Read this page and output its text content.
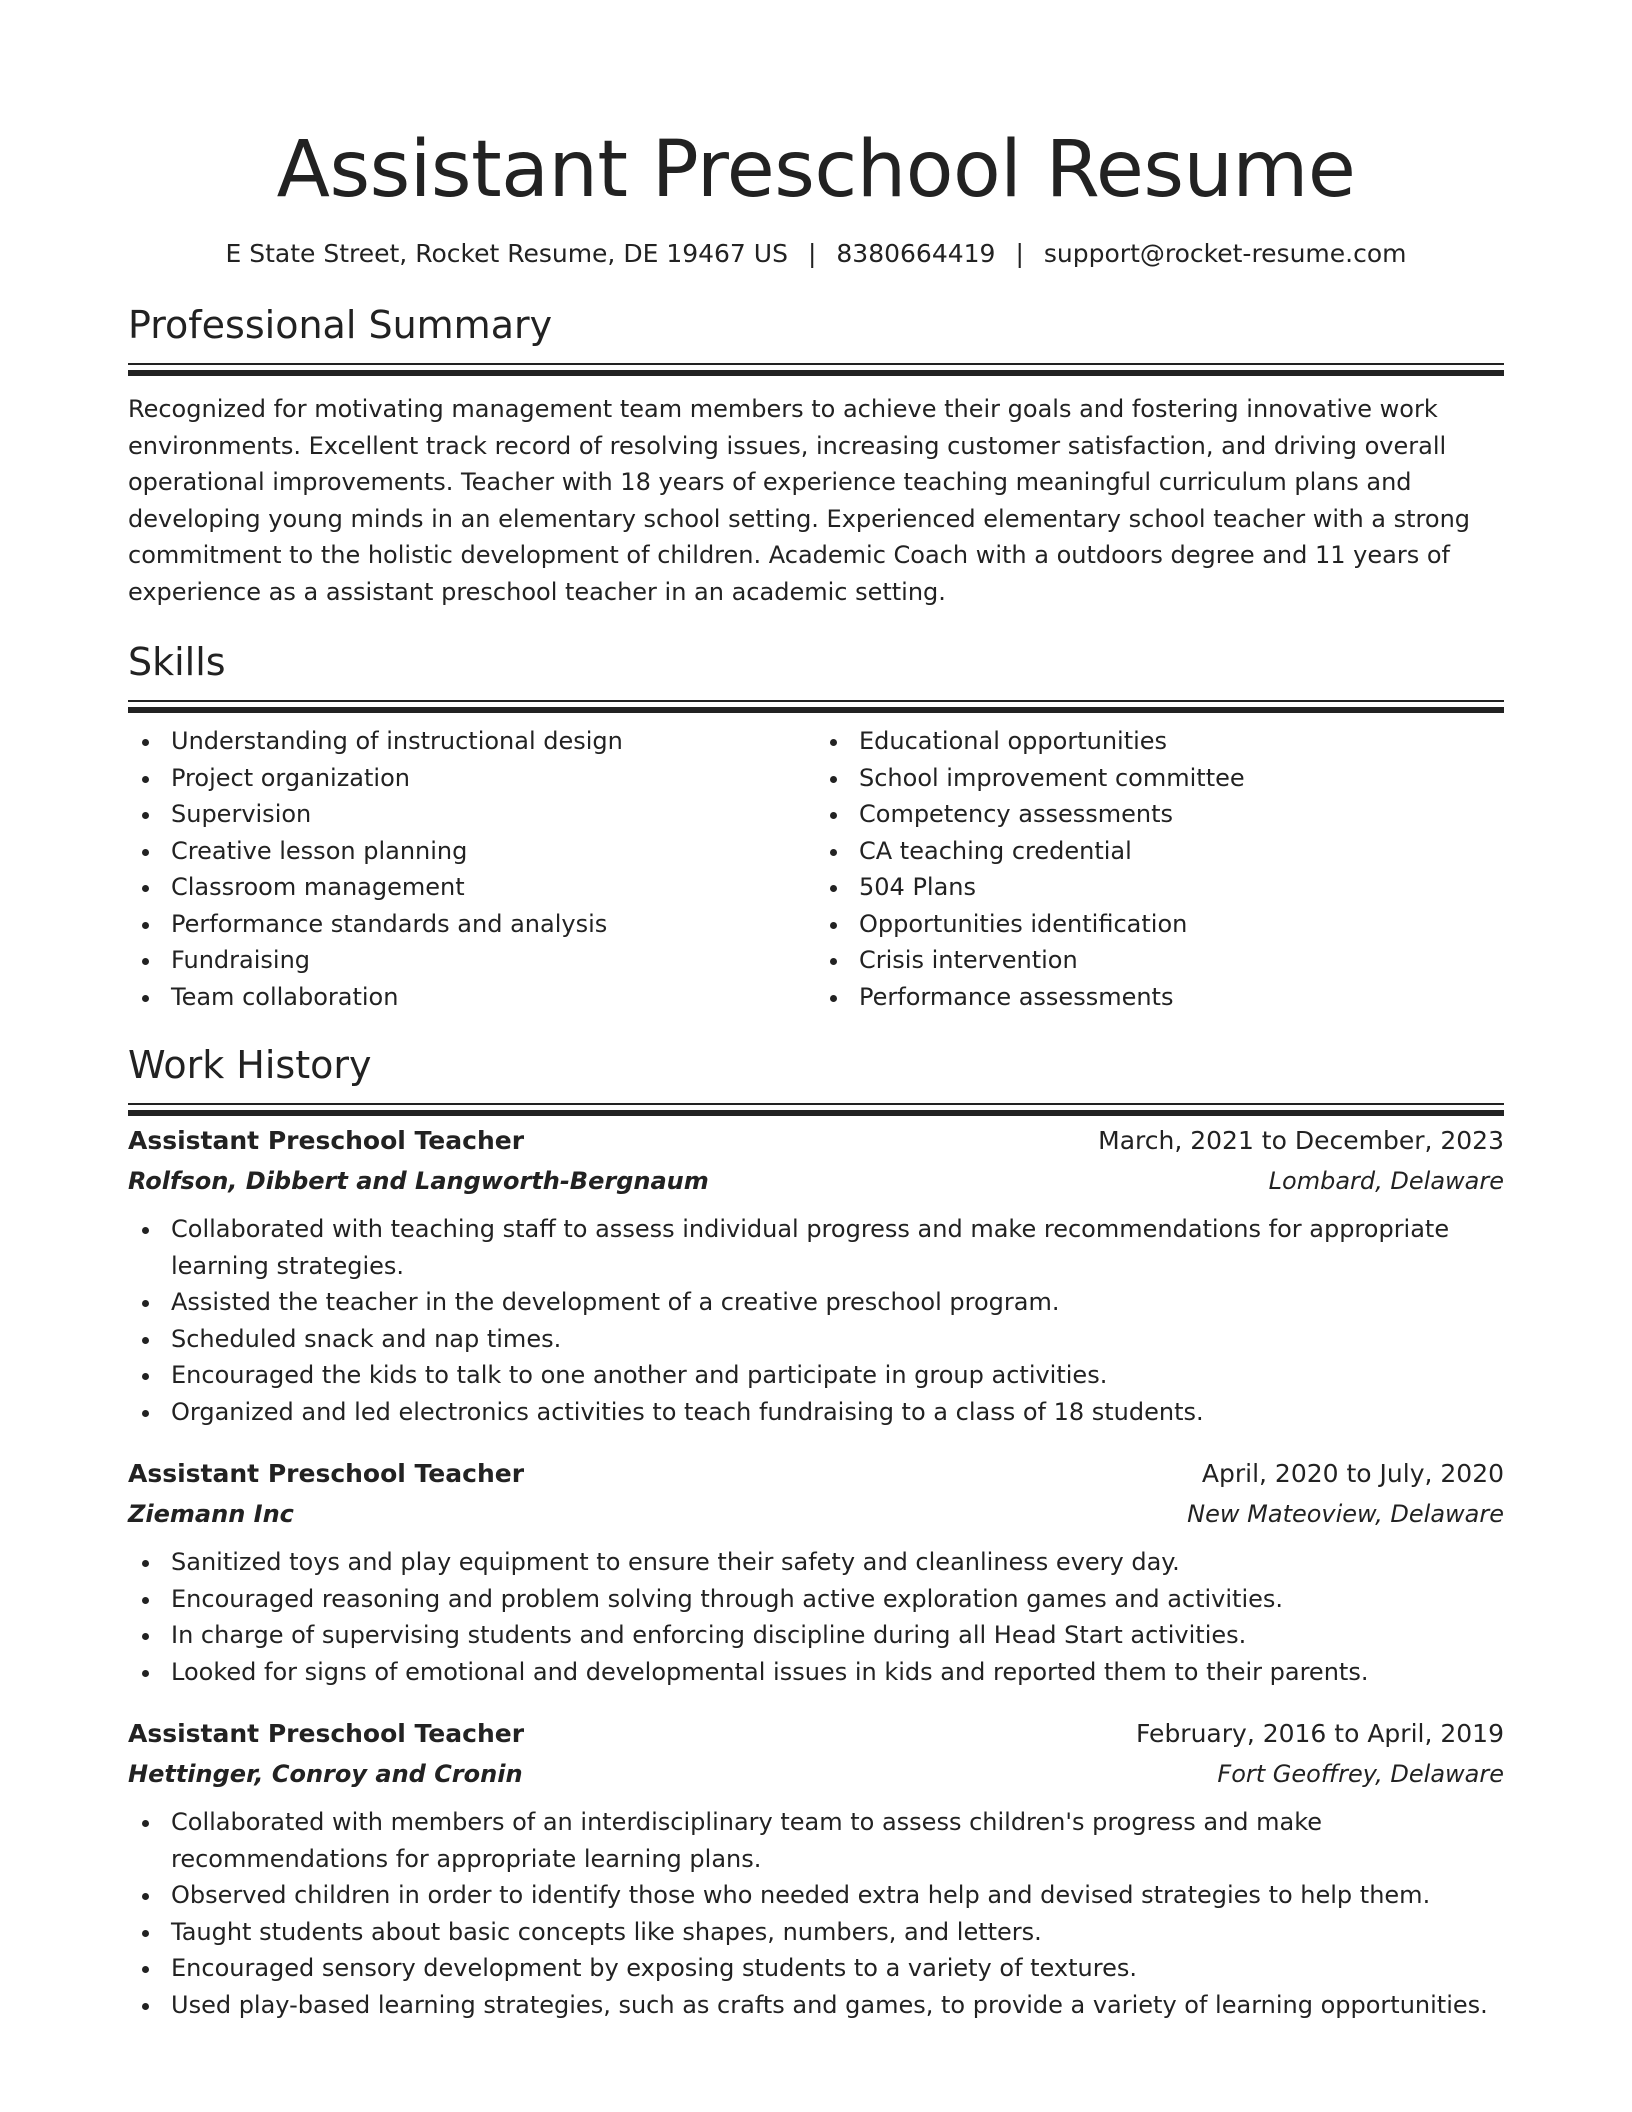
Assistant Preschool Resume
E State Street, Rocket Resume, DE 19467 US | 8380664419 | support@rocket-resume.com
Professional Summary

Recognized for motivating management team members to achieve their goals and fostering innovative work environments. Excellent track record of resolving issues, increasing customer satisfaction, and driving overall operational improvements. Teacher with 18 years of experience teaching meaningful curriculum plans and developing young minds in an elementary school setting. Experienced elementary school teacher with a strong commitment to the holistic development of children. Academic Coach with a outdoors degree and 11 years of experience as a assistant preschool teacher in an academic setting.

Skills
Understanding of instructional design
Project organization
Supervision
Creative lesson planning
Classroom management
Performance standards and analysis
Fundraising
Team collaboration
Educational opportunities
School improvement committee
Competency assessments
CA teaching credential
504 Plans
Opportunities identification
Crisis intervention
Performance assessments
Work History
Assistant Preschool Teacher	March, 2021 to December, 2023
Rolfson, Dibbert and Langworth-Bergnaum	Lombard, Delaware
Collaborated with teaching staff to assess individual progress and make recommendations for appropriate learning strategies.
Assisted the teacher in the development of a creative preschool program.
Scheduled snack and nap times.
Encouraged the kids to talk to one another and participate in group activities.
Organized and led electronics activities to teach fundraising to a class of 18 students.
Assistant Preschool Teacher	April, 2020 to July, 2020
Ziemann Inc	New Mateoview, Delaware
Sanitized toys and play equipment to ensure their safety and cleanliness every day.
Encouraged reasoning and problem solving through active exploration games and activities.
In charge of supervising students and enforcing discipline during all Head Start activities.
Looked for signs of emotional and developmental issues in kids and reported them to their parents.
Assistant Preschool Teacher	February, 2016 to April, 2019
Hettinger, Conroy and Cronin	Fort Geoffrey, Delaware
Collaborated with members of an interdisciplinary team to assess children's progress and make recommendations for appropriate learning plans.
Observed children in order to identify those who needed extra help and devised strategies to help them.
Taught students about basic concepts like shapes, numbers, and letters.
Encouraged sensory development by exposing students to a variety of textures.
Used play-based learning strategies, such as crafts and games, to provide a variety of learning opportunities.
